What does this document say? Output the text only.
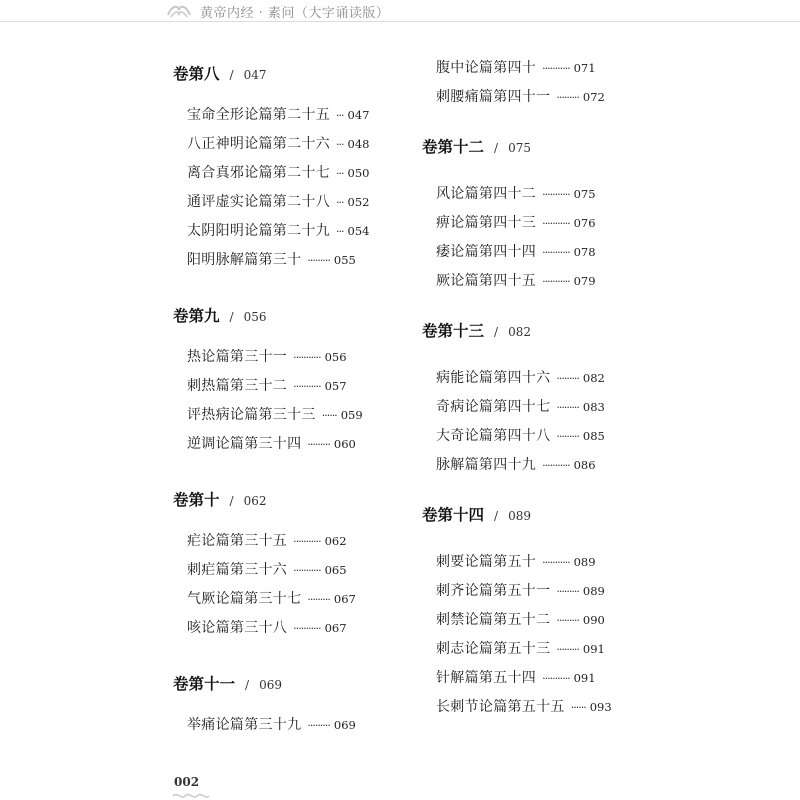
黄帝内经 · 素问（大字诵读版）
卷第八 / 047
宝命全形论篇第二十五 ··· 047
八正神明论篇第二十六 ··· 048
离合真邪论篇第二十七 ··· 050
通评虚实论篇第二十八 ··· 052
太阴阳明论篇第二十九 ··· 054
阳明脉解篇第三十 ········· 055
卷第九 / 056
热论篇第三十一 ··········· 056
刺热篇第三十二 ··········· 057
评热病论篇第三十三 ······ 059
逆调论篇第三十四 ········· 060
卷第十 / 062
疟论篇第三十五 ··········· 062
刺疟篇第三十六 ··········· 065
气厥论篇第三十七 ········· 067
咳论篇第三十八 ··········· 067
卷第十一 / 069
举痛论篇第三十九 ········· 069
腹中论篇第四十 ··········· 071
刺腰痛篇第四十一 ········· 072
卷第十二 / 075
风论篇第四十二 ··········· 075
痹论篇第四十三 ··········· 076
痿论篇第四十四 ··········· 078
厥论篇第四十五 ··········· 079
卷第十三 / 082
病能论篇第四十六 ········· 082
奇病论篇第四十七 ········· 083
大奇论篇第四十八 ········· 085
脉解篇第四十九 ··········· 086
卷第十四 / 089
刺要论篇第五十 ··········· 089
刺齐论篇第五十一 ········· 089
刺禁论篇第五十二 ········· 090
刺志论篇第五十三 ········· 091
针解篇第五十四 ··········· 091
长刺节论篇第五十五 ······ 093
002
